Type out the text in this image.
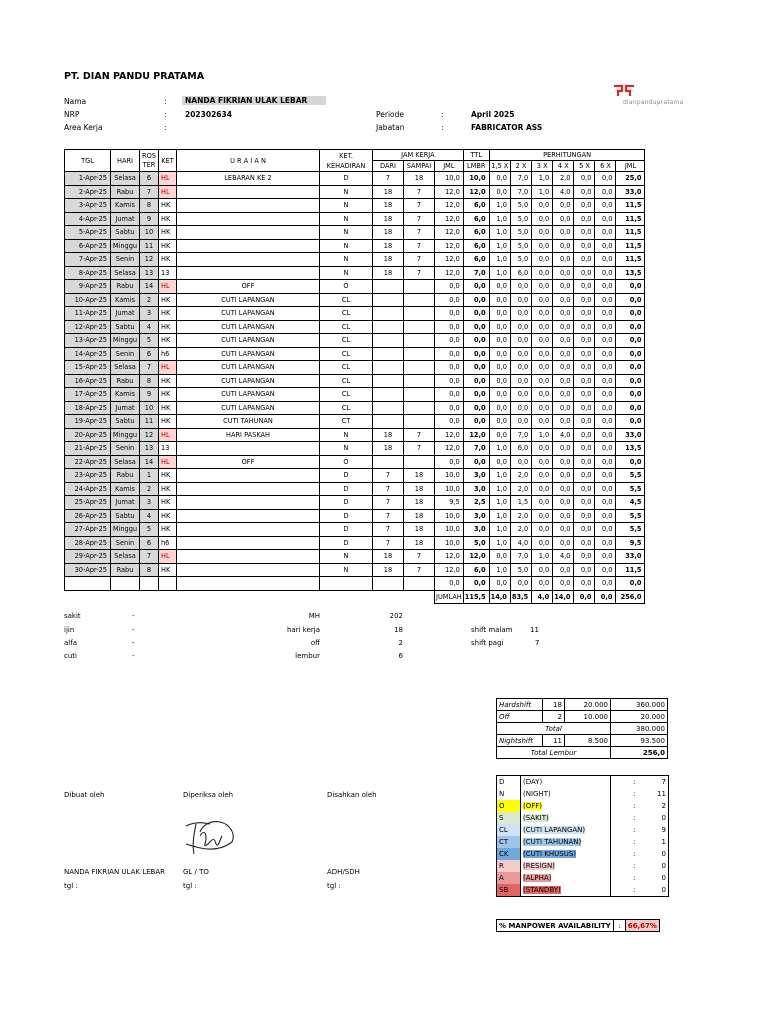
PT. DIAN PANDU PRATAMA
dianpandupratama
Nama	:	NANDA FIKRIAN ULAK LEBAR
NRP	: 202302634
Area Kerja	:
Periode	:	April 2025
Jabatan	:	FABRICATOR ASS
TGL	HARI	ROS TER	KET	U R A I A N	KET. KEHADIRAN	JAM KERJA			TTL	PERHITUNGAN						
						DARI	SAMPAI	JML	LMBR	1,5 X	2 X	3 X	4 X	5 X	6 X	JML
1-Apr-25	Selasa	6	HL	LEBARAN KE 2	D	7	18	10,0	10,0	0,0	7,0	1,0	2,0	0,0	0,0	25,0
2-Apr-25	Rabu	7	HL		N	18	7	12,0	12,0	0,0	7,0	1,0	4,0	0,0	0,0	33,0
3-Apr-25	Kamis	8	HK		N	18	7	12,0	6,0	1,0	5,0	0,0	0,0	0,0	0,0	11,5
4-Apr-25	Jumat	9	HK		N	18	7	12,0	6,0	1,0	5,0	0,0	0,0	0,0	0,0	11,5
5-Apr-25	Sabtu	10	HK		N	18	7	12,0	6,0	1,0	5,0	0,0	0,0	0,0	0,0	11,5
6-Apr-25	Minggu	11	HK		N	18	7	12,0	6,0	1,0	5,0	0,0	0,0	0,0	0,0	11,5
7-Apr-25	Senin	12	HK		N	18	7	12,0	6,0	1,0	5,0	0,0	0,0	0,0	0,0	11,5
8-Apr-25	Selasa	13	13		N	18	7	12,0	7,0	1,0	6,0	0,0	0,0	0,0	0,0	13,5
9-Apr-25	Rabu	14	HL	OFF	O			0,0	0,0	0,0	0,0	0,0	0,0	0,0	0,0	0,0
10-Apr-25	Kamis	2	HK	CUTI LAPANGAN	CL			0,0	0,0	0,0	0,0	0,0	0,0	0,0	0,0	0,0
11-Apr-25	Jumat	3	HK	CUTI LAPANGAN	CL			0,0	0,0	0,0	0,0	0,0	0,0	0,0	0,0	0,0
12-Apr-25	Sabtu	4	HK	CUTI LAPANGAN	CL			0,0	0,0	0,0	0,0	0,0	0,0	0,0	0,0	0,0
13-Apr-25	Minggu	5	HK	CUTI LAPANGAN	CL			0,0	0,0	0,0	0,0	0,0	0,0	0,0	0,0	0,0
14-Apr-25	Senin	6	h6	CUTI LAPANGAN	CL			0,0	0,0	0,0	0,0	0,0	0,0	0,0	0,0	0,0
15-Apr-25	Selasa	7	HL	CUTI LAPANGAN	CL			0,0	0,0	0,0	0,0	0,0	0,0	0,0	0,0	0,0
16-Apr-25	Rabu	8	HK	CUTI LAPANGAN	CL			0,0	0,0	0,0	0,0	0,0	0,0	0,0	0,0	0,0
17-Apr-25	Kamis	9	HK	CUTI LAPANGAN	CL			0,0	0,0	0,0	0,0	0,0	0,0	0,0	0,0	0,0
18-Apr-25	Jumat	10	HK	CUTI LAPANGAN	CL			0,0	0,0	0,0	0,0	0,0	0,0	0,0	0,0	0,0
19-Apr-25	Sabtu	11	HK	CUTI TAHUNAN	CT			0,0	0,0	0,0	0,0	0,0	0,0	0,0	0,0	0,0
20-Apr-25	Minggu	12	HL	HARI PASKAH	N	18	7	12,0	12,0	0,0	7,0	1,0	4,0	0,0	0,0	33,0
21-Apr-25	Senin	13	13		N	18	7	12,0	7,0	1,0	6,0	0,0	0,0	0,0	0,0	13,5
22-Apr-25	Selasa	14	HL	OFF	O			0,0	0,0	0,0	0,0	0,0	0,0	0,0	0,0	0,0
23-Apr-25	Rabu	1	HK		D	7	18	10,0	3,0	1,0	2,0	0,0	0,0	0,0	0,0	5,5
24-Apr-25	Kamis	2	HK		D	7	18	10,0	3,0	1,0	2,0	0,0	0,0	0,0	0,0	5,5
25-Apr-25	Jumat	3	HK		D	7	18	9,5	2,5	1,0	1,5	0,0	0,0	0,0	0,0	4,5
26-Apr-25	Sabtu	4	HK		D	7	18	10,0	3,0	1,0	2,0	0,0	0,0	0,0	0,0	5,5
27-Apr-25	Minggu	5	HK		D	7	18	10,0	3,0	1,0	2,0	0,0	0,0	0,0	0,0	5,5
28-Apr-25	Senin	6	h6		D	7	18	10,0	5,0	1,0	4,0	0,0	0,0	0,0	0,0	9,5
29-Apr-25	Selasa	7	HL		N	18	7	12,0	12,0	0,0	7,0	1,0	4,0	0,0	0,0	33,0
30-Apr-25	Rabu	8	HK		N	18	7	12,0	6,0	1,0	5,0	0,0	0,0	0,0	0,0	11,5
								0,0	0,0	0,0	0,0	0,0	0,0	0,0	0,0	0,0
								JUMLAH	115,5	14,0	83,5	4,0	14,0	0,0	0,0	256,0
sakit	-
ijin	-
alfa	-
cuti	-
MH	202
hari kerja	18
off	2
lembur	6
shift malam 11
shift pagi	7
Hardshift	18	20.000	360.000
Off	2	10.000	20.000
Total			380.000
Nightshift	11	8.500	93.500
Total Lembur			256,0
D	(DAY)	: 7
N	(NIGHT)	: 11
O	(OFF)	: 2
S	(SAKIT)	: 0
CL	(CUTI LAPANGAN)	: 9
CT	(CUTI TAHUNAN)	: 1
CK	(CUTI KHUSUS)	: 0
R	(RESIGN)	: 0
A	(ALPHA)	: 0
SB	(STANDBY)	: 0
% MANPOWER AVAILABILITY	:	66,67%
Dibuat oleh	Diperiksa oleh	Disahkan oleh
NANDA FIKRIAN ULAK LEBAR	GL / TO	ADH/SDH
tgl :	tgl :	tgl :
